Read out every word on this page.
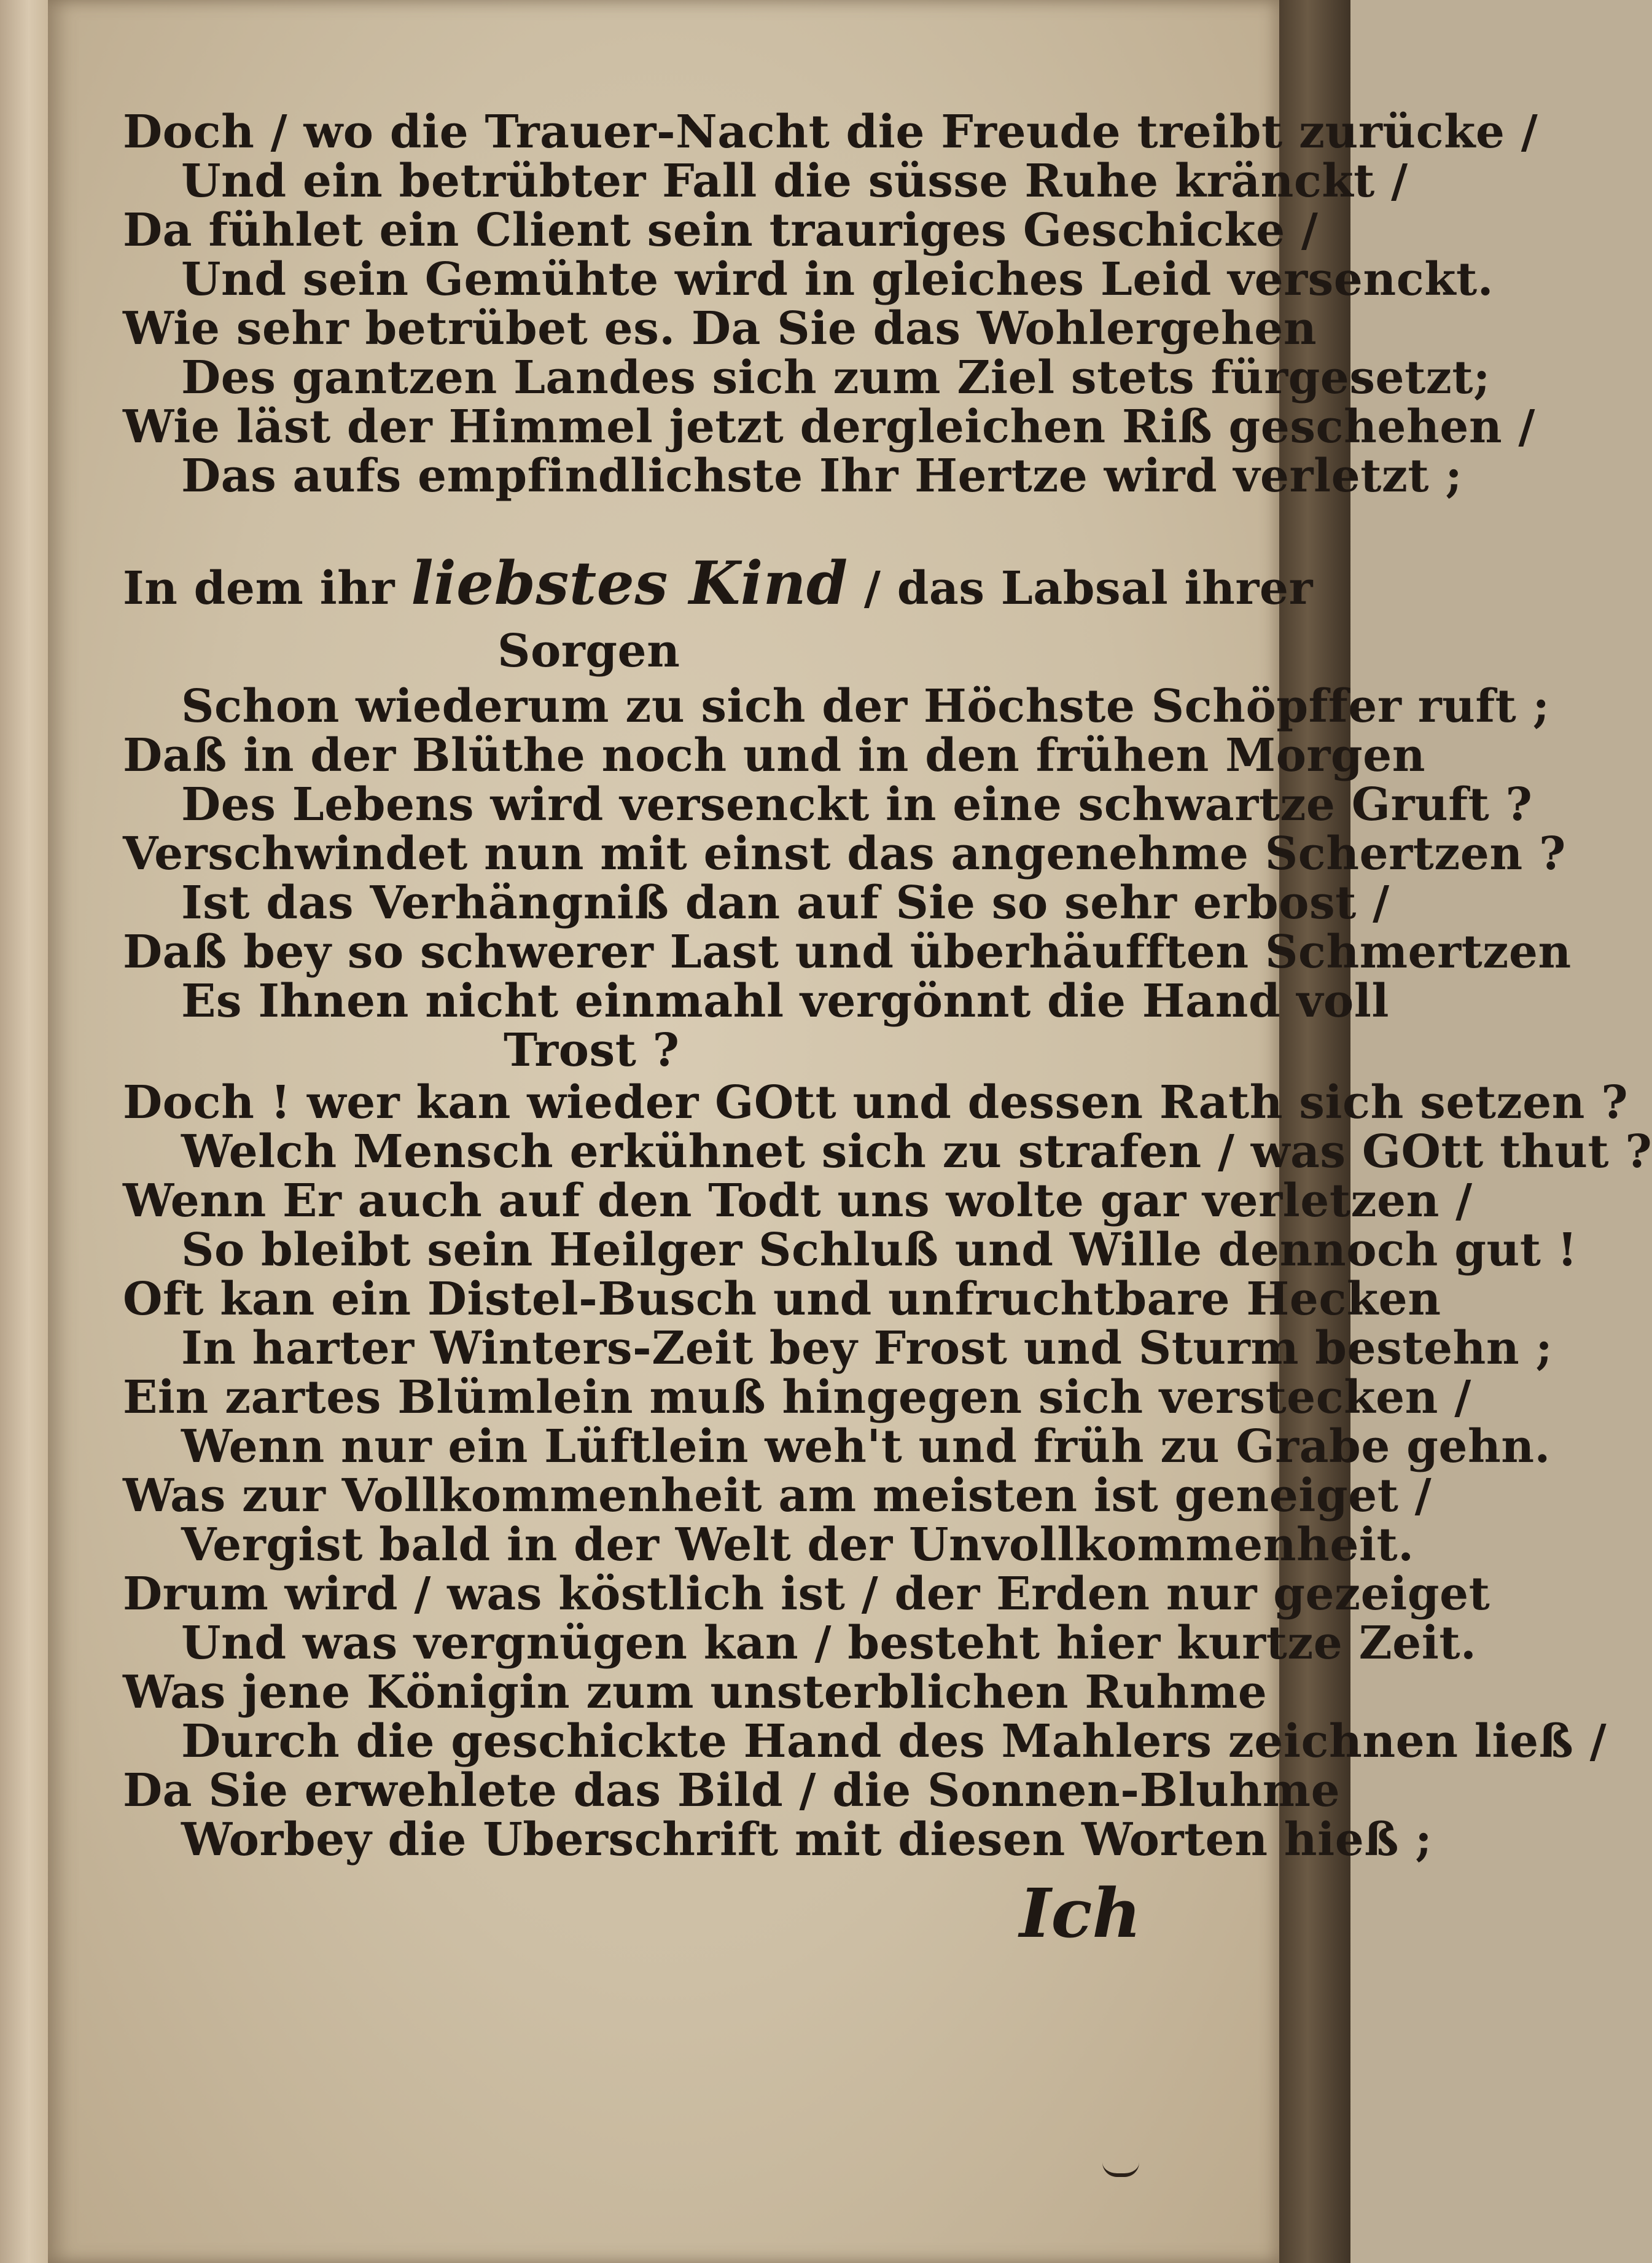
Doch / wo die Trauer-Nacht die Freude treibt zurücke /
Und ein betrübter Fall die süsse Ruhe kränckt /
Da fühlet ein Client sein trauriges Geschicke /
Und sein Gemühte wird in gleiches Leid versenckt.
Wie sehr betrübet es. Da Sie das Wohlergehen
Des gantzen Landes sich zum Ziel stets fürgesetzt;
Wie läst der Himmel jetzt dergleichen Riß geschehen /
Das aufs empfindlichste Ihr Hertze wird verletzt ;
In dem ihr liebstes Kind / das Labsal ihrer
Sorgen
Schon wiederum zu sich der Höchste Schöpffer ruft ;
Daß in der Blüthe noch und in den frühen Morgen
Des Lebens wird versenckt in eine schwartze Gruft ?
Verschwindet nun mit einst das angenehme Schertzen ?
Ist das Verhängniß dan auf Sie so sehr erbost /
Daß bey so schwerer Last und überhäufften Schmertzen
Es Ihnen nicht einmahl vergönnt die Hand voll
Trost ?
Doch ! wer kan wieder GOtt und dessen Rath sich setzen ?
Welch Mensch erkühnet sich zu strafen / was GOtt thut ?
Wenn Er auch auf den Todt uns wolte gar verletzen /
So bleibt sein Heilger Schluß und Wille dennoch gut !
Oft kan ein Distel-Busch und unfruchtbare Hecken
In harter Winters-Zeit bey Frost und Sturm bestehn ;
Ein zartes Blümlein muß hingegen sich verstecken /
Wenn nur ein Lüftlein weh't und früh zu Grabe gehn.
Was zur Vollkommenheit am meisten ist geneiget /
Vergist bald in der Welt der Unvollkommenheit.
Drum wird / was köstlich ist / der Erden nur gezeiget
Und was vergnügen kan / besteht hier kurtze Zeit.
Was jene Königin zum unsterblichen Ruhme
Durch die geschickte Hand des Mahlers zeichnen ließ /
Da Sie erwehlete das Bild / die Sonnen-Bluhme
Worbey die Uberschrift mit diesen Worten hieß ;
Ich
